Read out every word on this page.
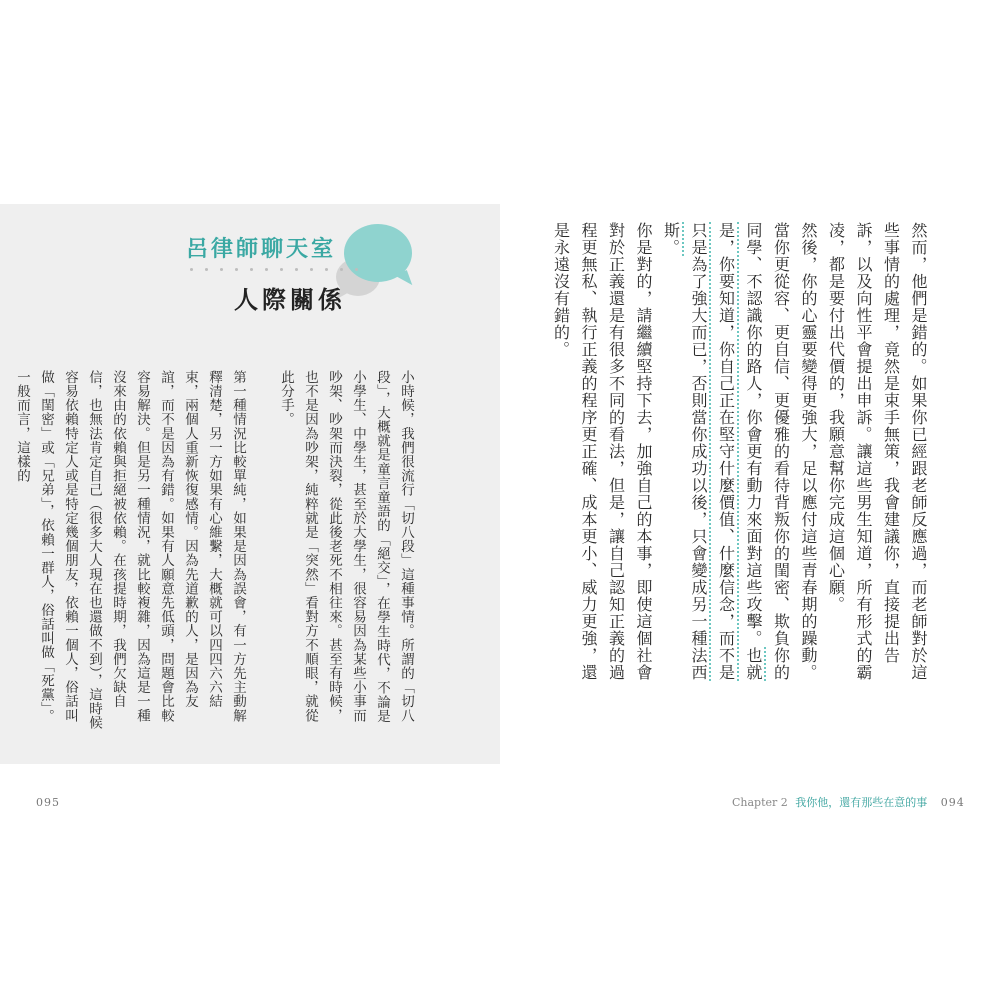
呂律師聊天室
人際關係

小時候，我們很流行「切八段」這種事情。所謂的「切八段」，大概就是童言童語的「絕交」，在學生時代，不論是小學生、中學生，甚至於大學生，很容易因為某些小事而吵架、吵架而決裂，從此後老死不相往來。甚至有時候，也不是因為吵架，純粹就是「突然」看對方不順眼，就從此分手。

第一種情況比較單純，如果是因為誤會，有一方先主動解釋清楚，另一方如果有心維繫，大概就可以四四六六結束，兩個人重新恢復感情。因為先道歉的人，是因為友誼，而不是因為有錯。如果有人願意先低頭，問題會比較容易解決。但是另一種情況，就比較複雜，因為這是一種沒來由的依賴與拒絕被依賴。在孩提時期，我們欠缺自信，也無法肯定自己（很多大人現在也還做不到），這時候容易依賴特定人或是特定幾個朋友，依賴一個人，俗話叫做「閨密」或「兄弟」，依賴一群人，俗話叫做「死黨」。一般而言，這樣的

095

然而，他們是錯的。如果你已經跟老師反應過，而老師對於這些事情的處理，竟然是束手無策，我會建議你，直接提出告訴，以及向性平會提出申訴。讓這些男生知道，所有形式的霸凌，都是要付出代價的，我願意幫你完成這個心願。

然後，你的心靈要變得更強大，足以應付這些青春期的躁動。當你更從容、更自信、更優雅的看待背叛你的閨密、欺負你的同學、不認識你的路人，你會更有動力來面對這些攻擊。也就是，你要知道，你自己正在堅守什麼價值、什麼信念，而不是只是為了強大而已，否則當你成功以後，只會變成另一種法西斯。

你是對的，請繼續堅持下去，加強自己的本事，即使這個社會對於正義還是有很多不同的看法，但是，讓自己認知正義的過程更無私、執行正義的程序更正確、成本更小、威力更強，還是永遠沒有錯的。

Chapter 2 我你他，還有那些在意的事 094
